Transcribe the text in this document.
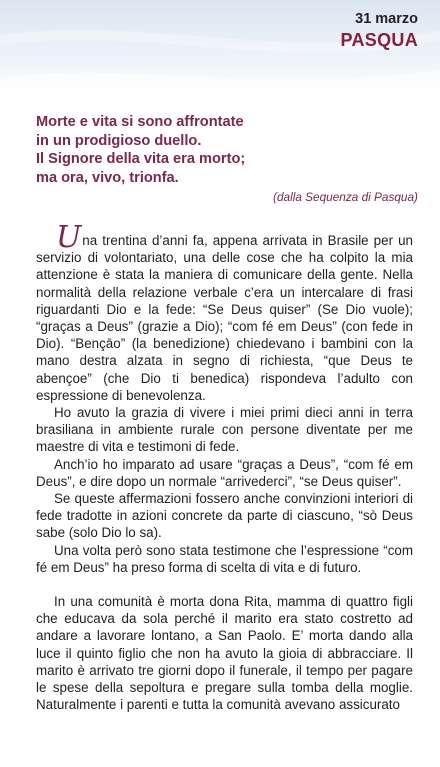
31 marzo
PASQUA
Morte e vita si sono affrontate
in un prodigioso duello.
Il Signore della vita era morto;
ma ora, vivo, trionfa.
(dalla Sequenza di Pasqua)

Una trentina d’anni fa, appena arrivata in Brasile per un servizio di volontariato, una delle cose che ha colpito la mia attenzione è stata la maniera di comunicare della gente. Nella normalità della relazione verbale c’era un intercalare di frasi riguardanti Dio e la fede: “Se Deus quiser” (Se Dio vuole); “graças a Deus” (grazie a Dio); “com fé em Deus” (con fede in Dio). “Bençāo” (la benedizione) chiedevano i bambini con la mano destra alzata in segno di richiesta, “que Deus te abençoe” (che Dio ti benedica) rispondeva l’adulto con espressione di benevolenza.

Ho avuto la grazia di vivere i miei primi dieci anni in terra brasiliana in ambiente rurale con persone diventate per me maestre di vita e testimoni di fede.

Anch’io ho imparato ad usare “graças a Deus”, “com fé em Deus”, e dire dopo un normale “arrivederci”, “se Deus quiser”.

Se queste affermazioni fossero anche convinzioni interiori di fede tradotte in azioni concrete da parte di ciascuno, “sò Deus sabe (solo Dio lo sa).

Una volta però sono stata testimone che l’espressione “com fé em Deus” ha preso forma di scelta di vita e di futuro.

In una comunità è morta dona Rita, mamma di quattro figli che educava da sola perché il marito era stato costretto ad andare a lavorare lontano, a San Paolo. E’ morta dando alla luce il quinto figlio che non ha avuto la gioia di abbracciare. Il marito è arrivato tre giorni dopo il funerale, il tempo per pagare le spese della sepoltura e pregare sulla tomba della moglie. Naturalmente i parenti e tutta la comunità avevano assicurato
